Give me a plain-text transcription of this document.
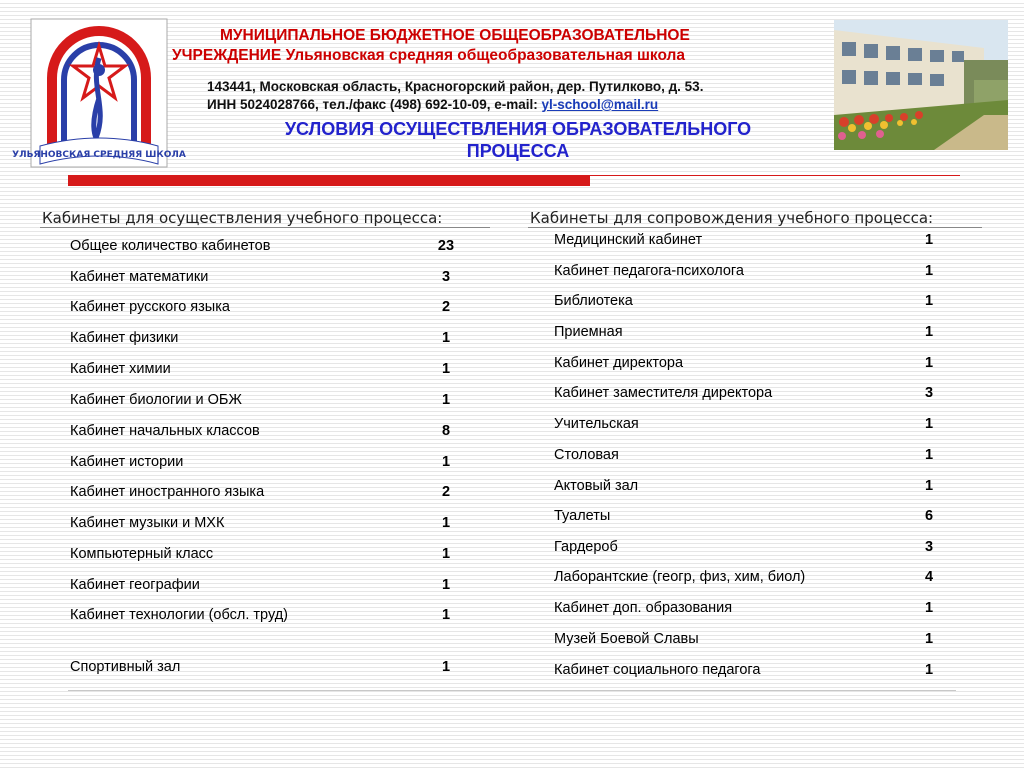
УЛЬЯНОВСКАЯ СРЕДНЯЯ ШКОЛА
МУНИЦИПАЛЬНОЕ БЮДЖЕТНОЕ ОБЩЕОБРАЗОВАТЕЛЬНОЕ
УЧРЕЖДЕНИЕ Ульяновская средняя общеобразовательная школа
143441, Московская область, Красногорский район, дер. Путилково, д. 53.
ИНН 5024028766, тел./факс (498) 692-10-09, e-mail: yl-school@mail.ru
УСЛОВИЯ ОСУЩЕСТВЛЕНИЯ ОБРАЗОВАТЕЛЬНОГО
ПРОЦЕССА
Кабинеты для осуществления учебного процесса:	Кабинеты для сопровождения учебного процесса:
Общее количество кабинетов	23
Кабинет математики	3
Кабинет русского языка	2
Кабинет физики	1
Кабинет химии	1
Кабинет биологии и ОБЖ	1
Кабинет начальных классов	8
Кабинет истории	1
Кабинет иностранного языка	2
Кабинет музыки и МХК	1
Компьютерный класс	1
Кабинет географии	1
Кабинет технологии (обсл. труд)	1
Спортивный зал	1
Медицинский кабинет	1
Кабинет педагога-психолога	1
Библиотека	1
Приемная	1
Кабинет директора	1
Кабинет заместителя директора	3
Учительская	1
Столовая	1
Актовый зал	1
Туалеты	6
Гардероб	3
Лаборантские (геогр, физ, хим, биол)	4
Кабинет доп. образования	1
Музей Боевой Славы	1
Кабинет социального педагога	1
